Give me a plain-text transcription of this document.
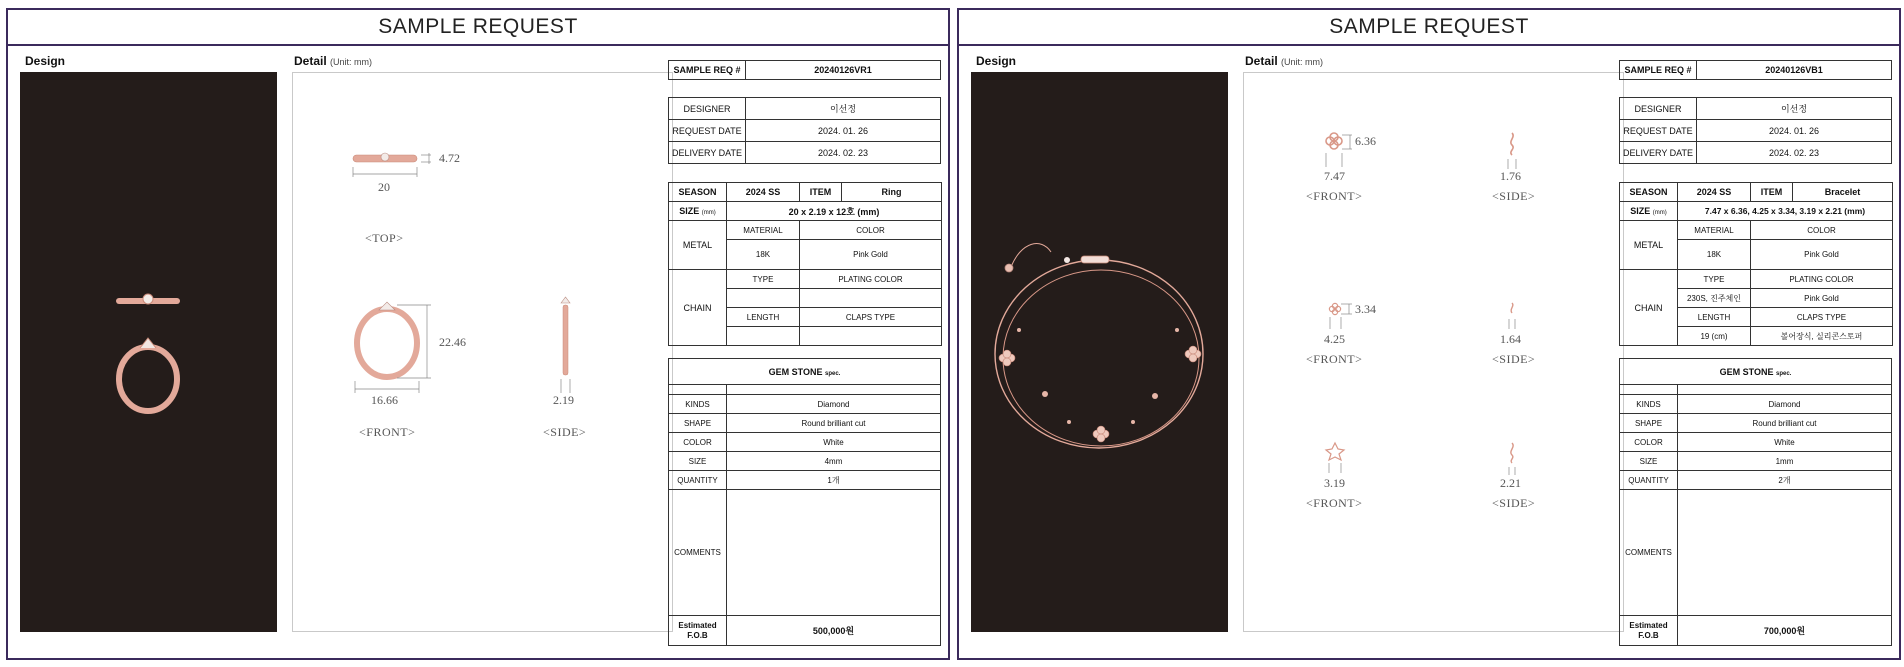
SAMPLE REQUEST
Design	Detail (Unit: mm)
4.72
20
<TOP>
22.46
16.66
<FRONT>
2.19
<SIDE>
SAMPLE REQ #	20240126VR1
DESIGNER	이선정
REQUEST DATE	2024. 01. 26
DELIVERY DATE	2024. 02. 23
SEASON	2024 SS	ITEM	Ring
SIZE (mm)	20 x 2.19 x 12호 (mm)		
METAL	MATERIAL	COLOR	
	18K	Pink Gold	
CHAIN	TYPE	PLATING COLOR	

	LENGTH	CLAPS TYPE	

GEM STONE spec.	

KINDS	Diamond
SHAPE	Round brilliant cut
COLOR	White
SIZE	4mm
QUANTITY	1개
COMMENTS	
Estimated
F.O.B	500,000원
SAMPLE REQUEST
Design	Detail (Unit: mm)
6.36
7.47
<FRONT>
1.76
<SIDE>
3.34
4.25
<FRONT>
1.64
<SIDE>
3.19
<FRONT>
2.21
<SIDE>
SAMPLE REQ #	20240126VB1
DESIGNER	이선정
REQUEST DATE	2024. 01. 26
DELIVERY DATE	2024. 02. 23
SEASON	2024 SS	ITEM	Bracelet
SIZE (mm)	7.47 x 6.36, 4.25 x 3.34, 3.19 x 2.21 (mm)		
METAL	MATERIAL	COLOR	
	18K	Pink Gold	
CHAIN	TYPE	PLATING COLOR	
	230S, 진주체인	Pink Gold	
	LENGTH	CLAPS TYPE	
	19 (cm)	볼어장식, 실리콘스토퍼	
GEM STONE spec.	

KINDS	Diamond
SHAPE	Round brilliant cut
COLOR	White
SIZE	1mm
QUANTITY	2개
COMMENTS	
Estimated
F.O.B	700,000원
